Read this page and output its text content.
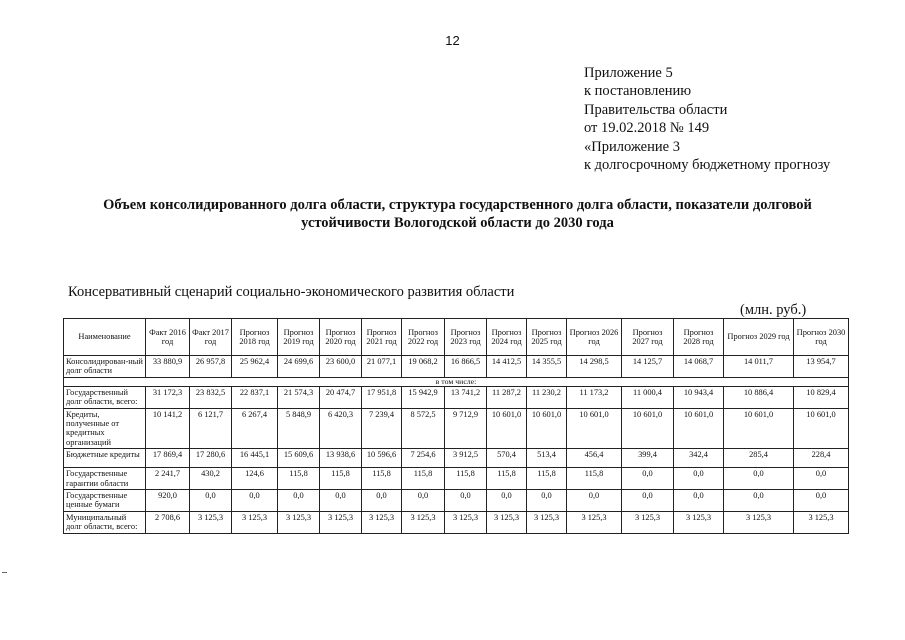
12
Приложение 5
к постановлению
Правительства области
от 19.02.2018 № 149
«Приложение 3
к долгосрочному бюджетному прогнозу
Объем консолидированного долга области, структура государственного долга области, показатели долговой
устойчивости Вологодской области до 2030 года
Консервативный сценарий социально-экономического развития области
(млн. руб.)
Наименование	Факт 2016 год	Факт 2017 год	Прогноз 2018 год	Прогноз 2019 год	Прогноз 2020 год	Прогноз 2021 год	Прогноз 2022 год	Прогноз 2023 год	Прогноз 2024 год	Прогноз 2025 год	Прогноз 2026 год	Прогноз 2027 год	Прогноз 2028 год	Прогноз 2029 год	Прогноз 2030 год
Консолидирован-ный долг области	33 880,9	26 957,8	25 962,4	24 699,6	23 600,0	21 077,1	19 068,2	16 866,5	14 412,5	14 355,5	14 298,5	14 125,7	14 068,7	14 011,7	13 954,7
в том числе:															
Государственный долг области, всего:	31 172,3	23 832,5	22 837,1	21 574,3	20 474,7	17 951,8	15 942,9	13 741,2	11 287,2	11 230,2	11 173,2	11 000,4	10 943,4	10 886,4	10 829,4
Кредиты, полученные от кредитных организаций	10 141,2	6 121,7	6 267,4	5 848,9	6 420,3	7 239,4	8 572,5	9 712,9	10 601,0	10 601,0	10 601,0	10 601,0	10 601,0	10 601,0	10 601,0
Бюджетные кредиты	17 869,4	17 280,6	16 445,1	15 609,6	13 938,6	10 596,6	7 254,6	3 912,5	570,4	513,4	456,4	399,4	342,4	285,4	228,4
Государственные гарантии области	2 241,7	430,2	124,6	115,8	115,8	115,8	115,8	115,8	115,8	115,8	115,8	0,0	0,0	0,0	0,0
Государственные ценные бумаги	920,0	0,0	0,0	0,0	0,0	0,0	0,0	0,0	0,0	0,0	0,0	0,0	0,0	0,0	0,0
Муниципальный долг области, всего:	2 708,6	3 125,3	3 125,3	3 125,3	3 125,3	3 125,3	3 125,3	3 125,3	3 125,3	3 125,3	3 125,3	3 125,3	3 125,3	3 125,3	3 125,3
